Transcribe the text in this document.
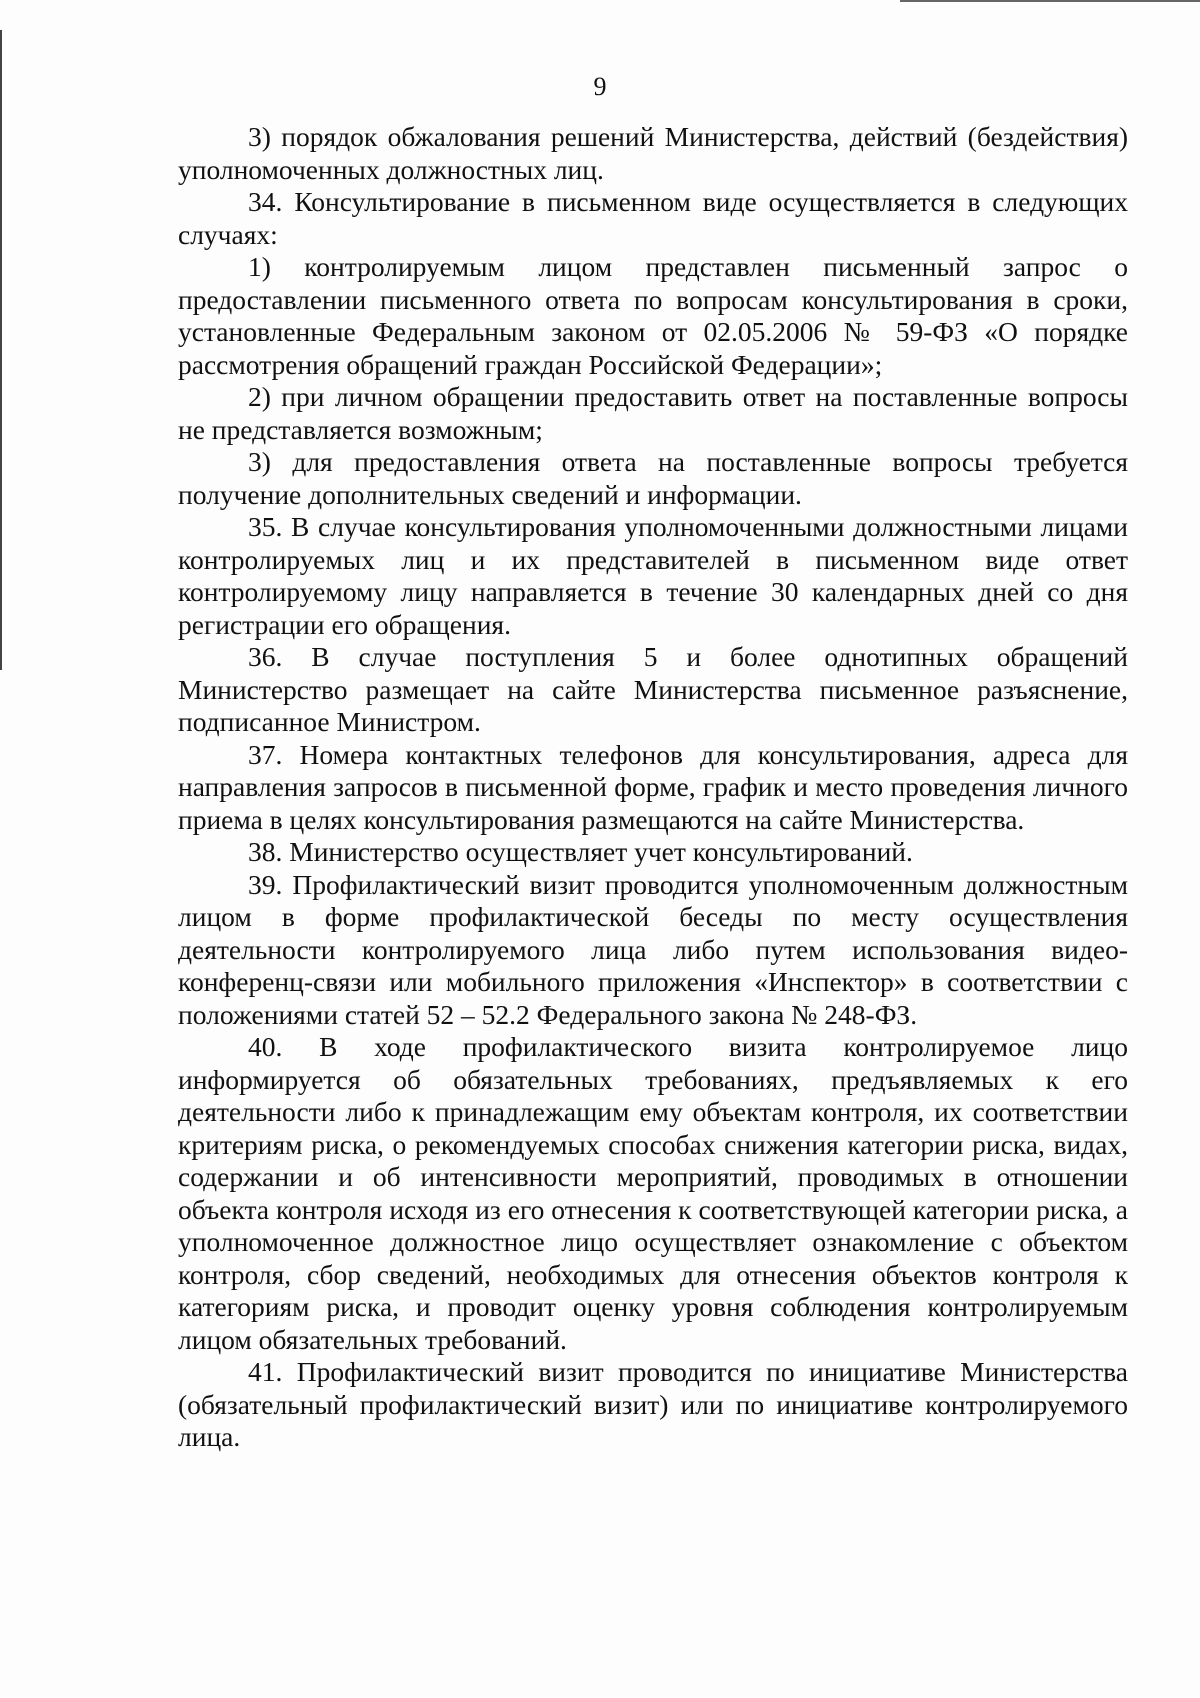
9

3) порядок обжалования решений Министерства, действий (бездействия) уполномоченных должностных лиц.

34. Консультирование в письменном виде осуществляется в следующих случаях:

1) контролируемым лицом представлен письменный запрос о предоставлении письменного ответа по вопросам консультирования в сроки, установленные Федеральным законом от 02.05.2006 № 59-ФЗ «О порядке рассмотрения обращений граждан Российской Федерации»;

2) при личном обращении предоставить ответ на поставленные вопросы не представляется возможным;

3) для предоставления ответа на поставленные вопросы требуется получение дополнительных сведений и информации.

35. В случае консультирования уполномоченными должностными лицами контролируемых лиц и их представителей в письменном виде ответ контролируемому лицу направляется в течение 30 календарных дней со дня регистрации его обращения.

36. В случае поступления 5 и более однотипных обращений Министерство размещает на сайте Министерства письменное разъяснение, подписанное Министром.

37. Номера контактных телефонов для консультирования, адреса для направления запросов в письменной форме, график и место проведения личного приема в целях консультирования размещаются на сайте Министерства.

38. Министерство осуществляет учет консультирований.

39. Профилактический визит проводится уполномоченным должностным лицом в форме профилактической беседы по месту осуществления деятельности контролируемого лица либо путем использования видео-конференц-связи или мобильного приложения «Инспектор» в соответствии с положениями статей 52 – 52.2 Федерального закона № 248-ФЗ.

40. В ходе профилактического визита контролируемое лицо информируется об обязательных требованиях, предъявляемых к его деятельности либо к принадлежащим ему объектам контроля, их соответствии критериям риска, о рекомендуемых способах снижения категории риска, видах, содержании и об интенсивности мероприятий, проводимых в отношении объекта контроля исходя из его отнесения к соответствующей категории риска, а уполномоченное должностное лицо осуществляет ознакомление с объектом контроля, сбор сведений, необходимых для отнесения объектов контроля к категориям риска, и проводит оценку уровня соблюдения контролируемым лицом обязательных требований.

41. Профилактический визит проводится по инициативе Министерства (обязательный профилактический визит) или по инициативе контролируемого лица.
